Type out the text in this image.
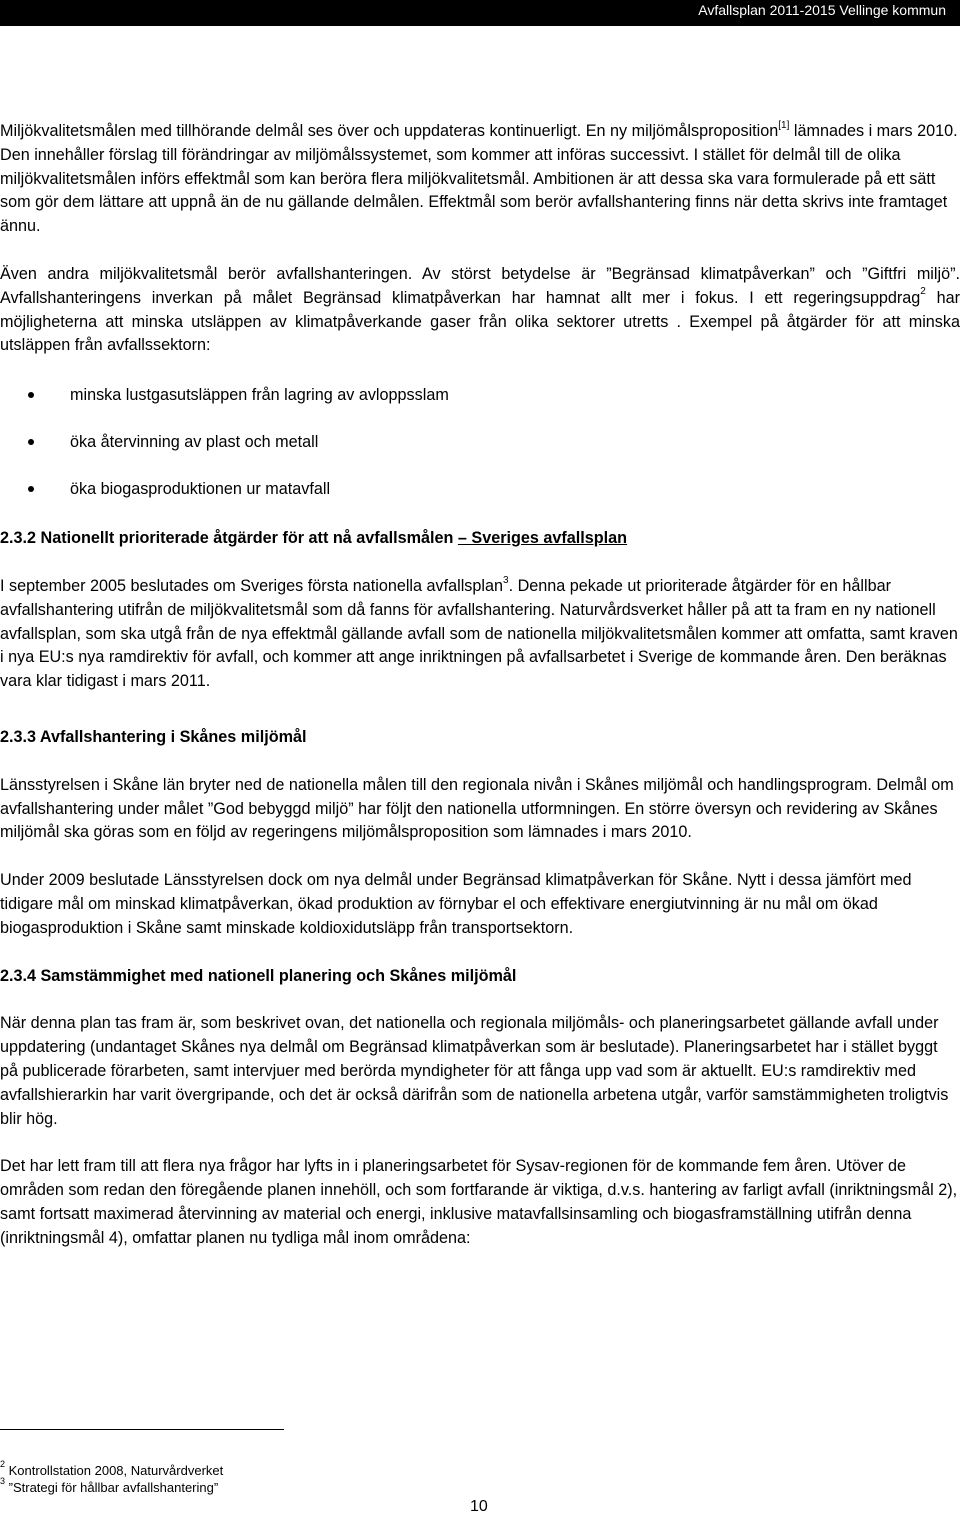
Avfallsplan 2011-2015 Vellinge kommun

Miljökvalitetsmålen med tillhörande delmål ses över och uppdateras kontinuerligt. En ny miljömålsproposition[1] lämnades i mars 2010. Den innehåller förslag till förändringar av miljömålssystemet, som kommer att införas successivt. I stället för delmål till de olika miljökvalitetsmålen införs effektmål som kan beröra flera miljökvalitetsmål. Ambitionen är att dessa ska vara formulerade på ett sätt som gör dem lättare att uppnå än de nu gällande delmålen. Effektmål som berör avfallshantering finns när detta skrivs inte framtaget ännu.

Även andra miljökvalitetsmål berör avfallshanteringen. Av störst betydelse är ”Begränsad klimatpåverkan” och ”Giftfri miljö”. Avfallshanteringens inverkan på målet Begränsad klimatpåverkan har hamnat allt mer i fokus. I ett regeringsuppdrag$^2$ har möjligheterna att minska utsläppen av klimatpåverkande gaser från olika sektorer utretts . Exempel på åtgärder för att minska utsläppen från avfallssektorn:

minska lustgasutsläppen från lagring av avloppsslam
öka återvinning av plast och metall
öka biogasproduktionen ur matavfall
2.3.2 Nationellt prioriterade åtgärder för att nå avfallsmålen – Sveriges avfallsplan

I september 2005 beslutades om Sveriges första nationella avfallsplan$^3$. Denna pekade ut prioriterade åtgärder för en hållbar avfallshantering utifrån de miljökvalitetsmål som då fanns för avfallshantering. Naturvårdsverket håller på att ta fram en ny nationell avfallsplan, som ska utgå från de nya effektmål gällande avfall som de nationella miljökvalitetsmålen kommer att omfatta, samt kraven i nya EU:s nya ramdirektiv för avfall, och kommer att ange inriktningen på avfallsarbetet i Sverige de kommande åren. Den beräknas vara klar tidigast i mars 2011.

2.3.3 Avfallshantering i Skånes miljömål

Länsstyrelsen i Skåne län bryter ned de nationella målen till den regionala nivån i Skånes miljömål och handlingsprogram. Delmål om avfallshantering under målet ”God bebyggd miljö” har följt den nationella utformningen. En större översyn och revidering av Skånes miljömål ska göras som en följd av regeringens miljömålsproposition som lämnades i mars 2010.

Under 2009 beslutade Länsstyrelsen dock om nya delmål under Begränsad klimatpåverkan för Skåne. Nytt i dessa jämfört med tidigare mål om minskad klimatpåverkan, ökad produktion av förnybar el och effektivare energiutvinning är nu mål om ökad biogasproduktion i Skåne samt minskade koldioxidutsläpp från transportsektorn.

2.3.4 Samstämmighet med nationell planering och Skånes miljömål

När denna plan tas fram är, som beskrivet ovan, det nationella och regionala miljömåls- och planeringsarbetet gällande avfall under uppdatering (undantaget Skånes nya delmål om Begränsad klimatpåverkan som är beslutade). Planeringsarbetet har i stället byggt på publicerade förarbeten, samt intervjuer med berörda myndigheter för att fånga upp vad som är aktuellt. EU:s ramdirektiv med avfallshierarkin har varit övergripande, och det är också därifrån som de nationella arbetena utgår, varför samstämmigheten troligtvis blir hög.

Det har lett fram till att flera nya frågor har lyfts in i planeringsarbetet för Sysav-regionen för de kommande fem åren. Utöver de områden som redan den föregående planen innehöll, och som fortfarande är viktiga, d.v.s. hantering av farligt avfall (inriktningsmål 2), samt fortsatt maximerad återvinning av material och energi, inklusive matavfallsinsamling och biogasframställning utifrån denna (inriktningsmål 4), omfattar planen nu tydliga mål inom områdena:

$^2$ Kontrollstation 2008, Naturvårdverket
$^3$ ”Strategi för hållbar avfallshantering”
10
